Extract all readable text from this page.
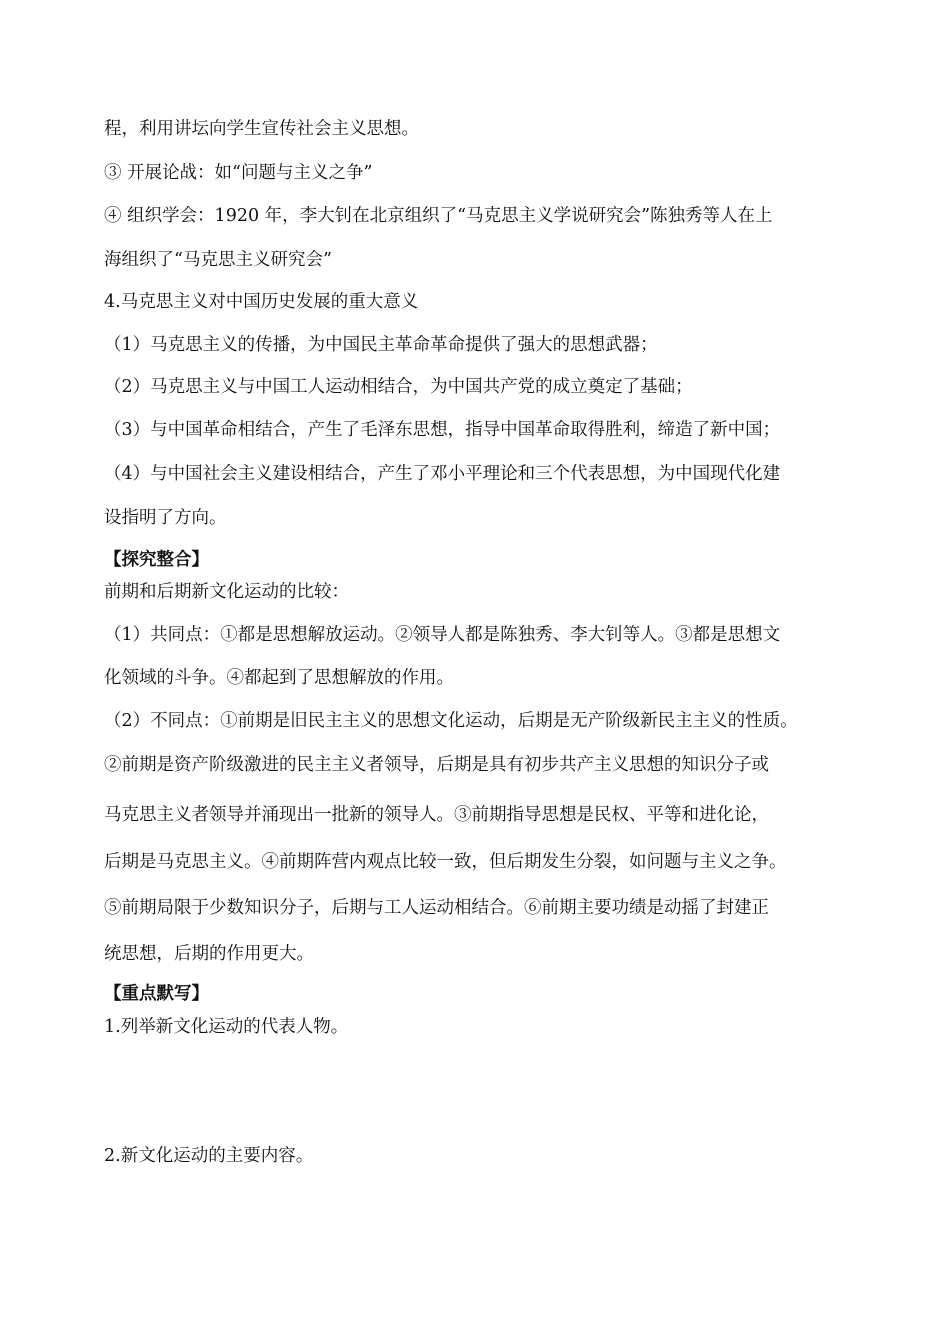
程，利用讲坛向学生宣传社会主义思想。
③ 开展论战：如“问题与主义之争”
④ 组织学会：1920 年，李大钊在北京组织了“马克思主义学说研究会”陈独秀等人在上
海组织了“马克思主义研究会”
4.马克思主义对中国历史发展的重大意义
（1）马克思主义的传播，为中国民主革命革命提供了强大的思想武器；
（2）马克思主义与中国工人运动相结合，为中国共产党的成立奠定了基础；
（3）与中国革命相结合，产生了毛泽东思想，指导中国革命取得胜利，缔造了新中国；
（4）与中国社会主义建设相结合，产生了邓小平理论和三个代表思想，为中国现代化建
设指明了方向。
【探究整合】
前期和后期新文化运动的比较：
（1）共同点：①都是思想解放运动。②领导人都是陈独秀、李大钊等人。③都是思想文
化领域的斗争。④都起到了思想解放的作用。
（2）不同点：①前期是旧民主主义的思想文化运动，后期是无产阶级新民主主义的性质。
②前期是资产阶级激进的民主主义者领导，后期是具有初步共产主义思想的知识分子或
马克思主义者领导并涌现出一批新的领导人。③前期指导思想是民权、平等和进化论，
后期是马克思主义。④前期阵营内观点比较一致，但后期发生分裂，如问题与主义之争。
⑤前期局限于少数知识分子，后期与工人运动相结合。⑥前期主要功绩是动摇了封建正
统思想，后期的作用更大。
【重点默写】
1.列举新文化运动的代表人物。
2.新文化运动的主要内容。
